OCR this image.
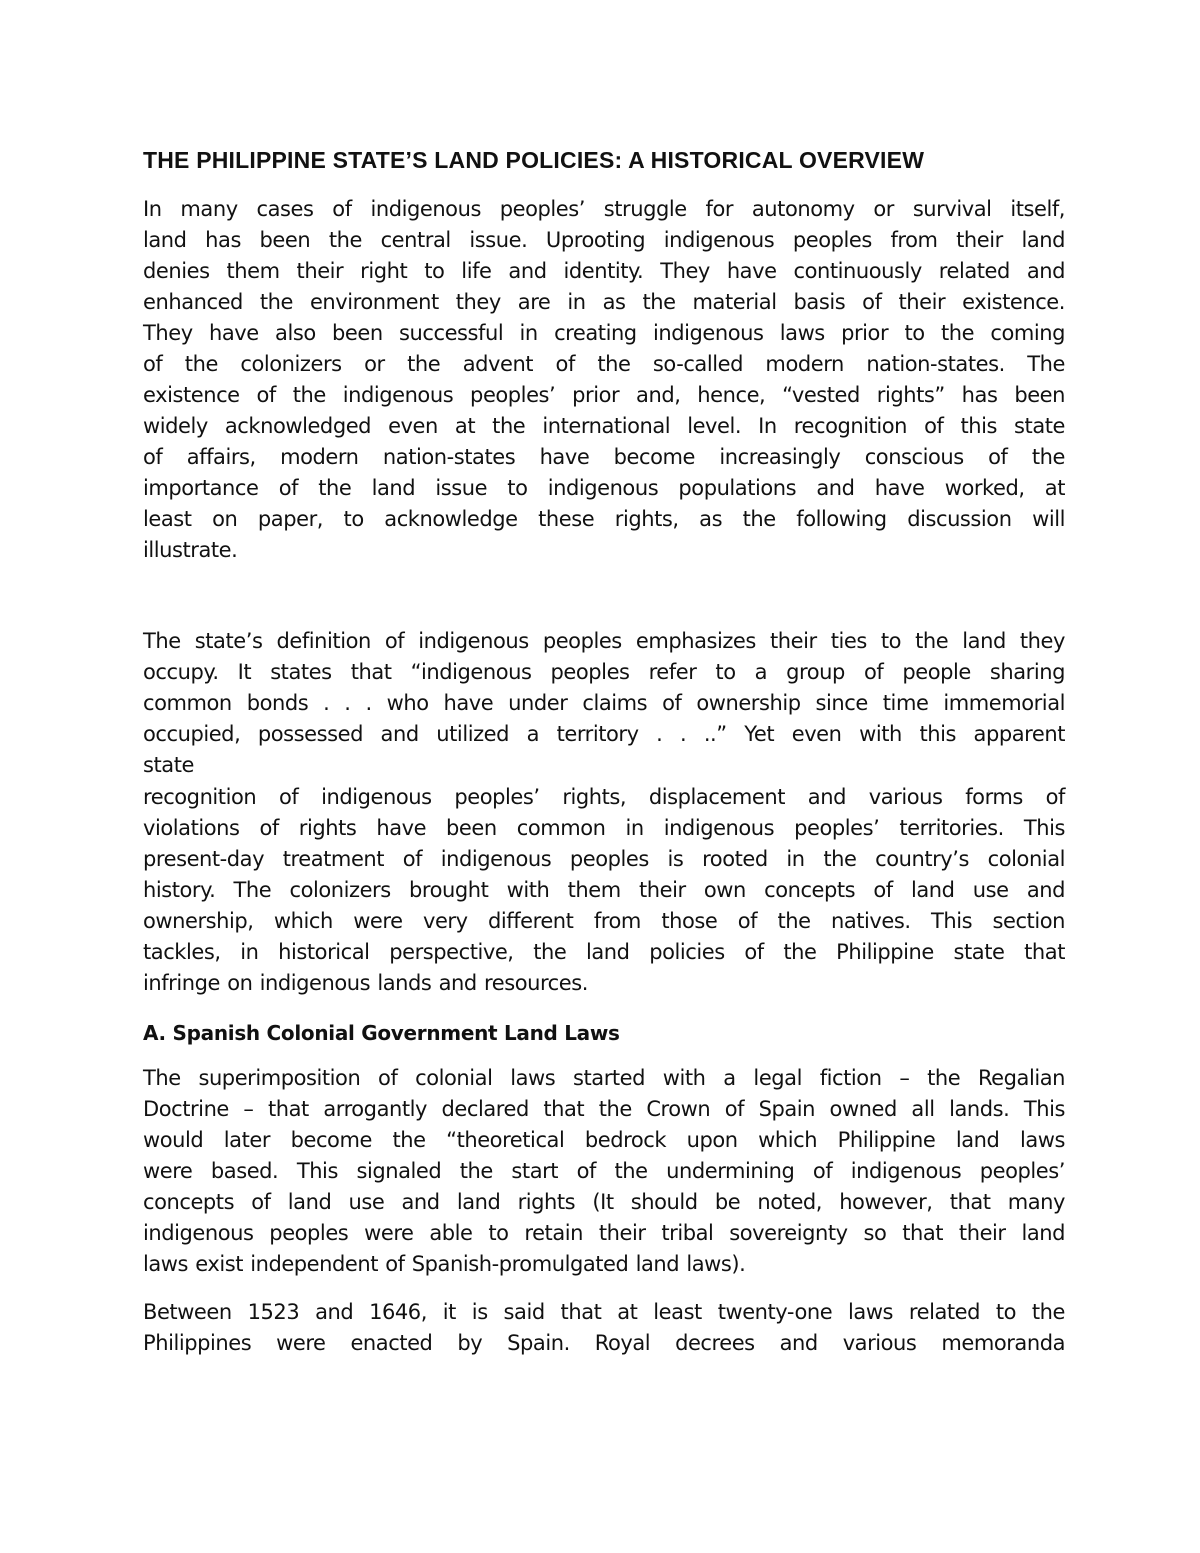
THE PHILIPPINE STATE’S LAND POLICIES: A HISTORICAL OVERVIEW

In many cases of indigenous peoples’ struggle for autonomy or survival itself,
land has been the central issue. Uprooting indigenous peoples from their land
denies them their right to life and identity. They have continuously related and
enhanced the environment they are in as the material basis of their existence.
They have also been successful in creating indigenous laws prior to the coming
of the colonizers or the advent of the so-called modern nation-states. The
existence of the indigenous peoples’ prior and, hence, “vested rights” has been
widely acknowledged even at the international level. In recognition of this state
of affairs, modern nation-states have become increasingly conscious of the
importance of the land issue to indigenous populations and have worked, at
least on paper, to acknowledge these rights, as the following discussion will
illustrate.

The state’s definition of indigenous peoples emphasizes their ties to the land they
occupy. It states that “indigenous peoples refer to a group of people sharing
common bonds . . . who have under claims of ownership since time immemorial
occupied, possessed and utilized a territory . . ..” Yet even with this apparent
state

recognition of indigenous peoples’ rights, displacement and various forms of
violations of rights have been common in indigenous peoples’ territories. This
present-day treatment of indigenous peoples is rooted in the country’s colonial
history. The colonizers brought with them their own concepts of land use and
ownership, which were very different from those of the natives. This section
tackles, in historical perspective, the land policies of the Philippine state that
infringe on indigenous lands and resources.

A. Spanish Colonial Government Land Laws

The superimposition of colonial laws started with a legal fiction – the Regalian
Doctrine – that arrogantly declared that the Crown of Spain owned all lands. This
would later become the “theoretical bedrock upon which Philippine land laws
were based. This signaled the start of the undermining of indigenous peoples’
concepts of land use and land rights (It should be noted, however, that many
indigenous peoples were able to retain their tribal sovereignty so that their land
laws exist independent of Spanish-promulgated land laws).

Between 1523 and 1646, it is said that at least twenty-one laws related to the
Philippines were enacted by Spain. Royal decrees and various memoranda
